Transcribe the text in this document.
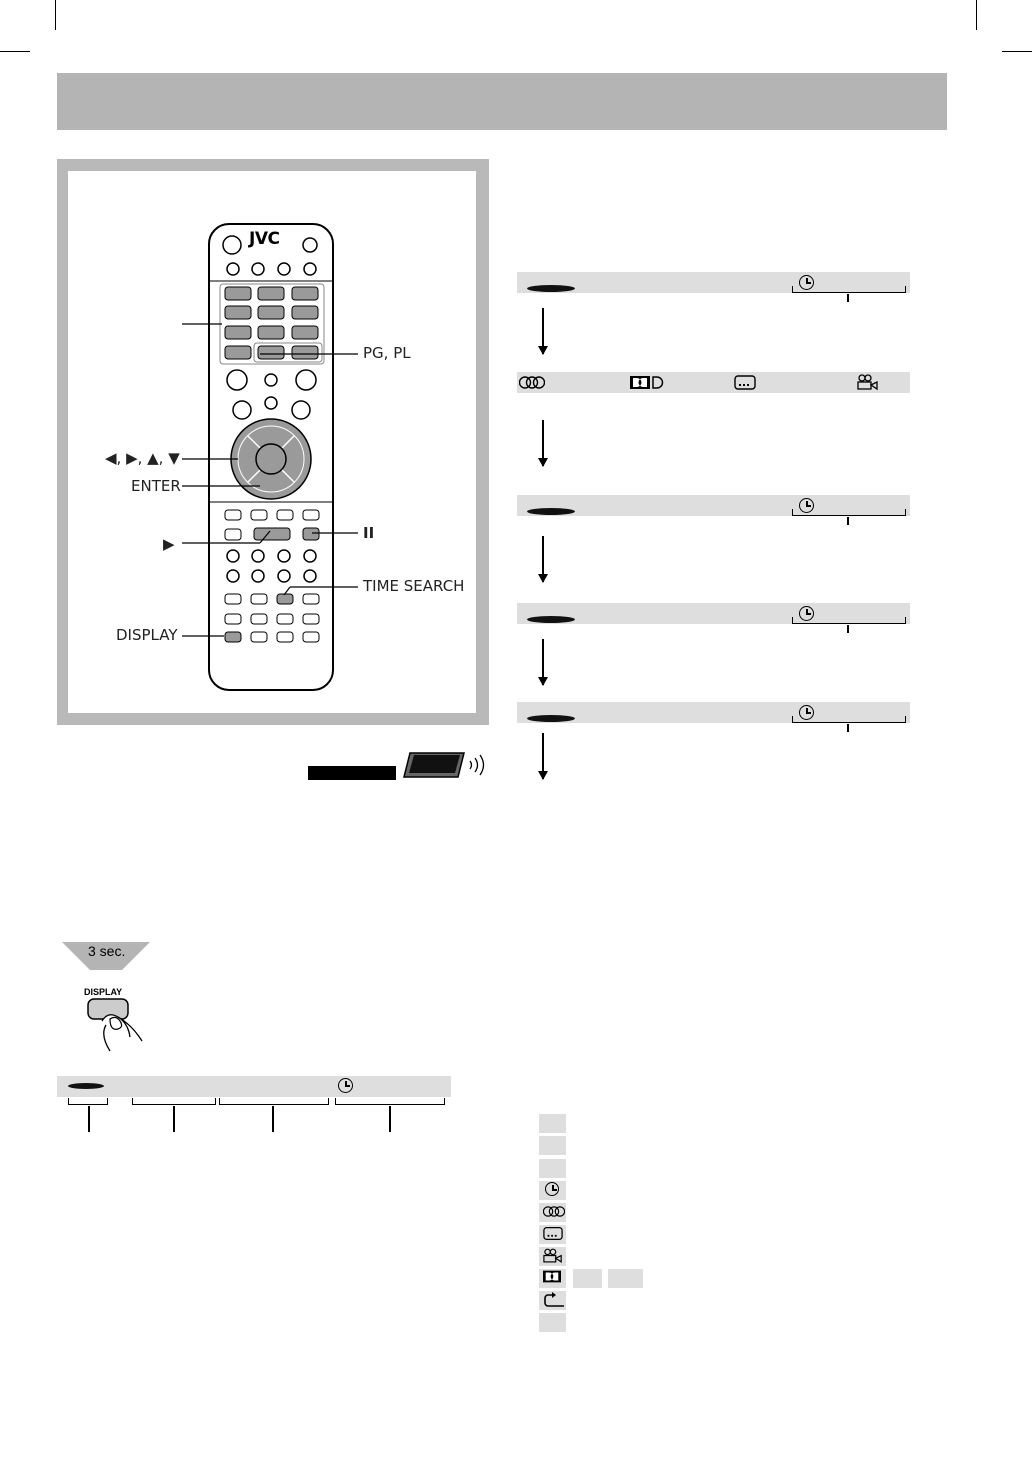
JVC
PG, PL
◀, ▶, ▲, ▼
ENTER
▶
II
TIME SEARCH
DISPLAY
3 sec.
DISPLAY
